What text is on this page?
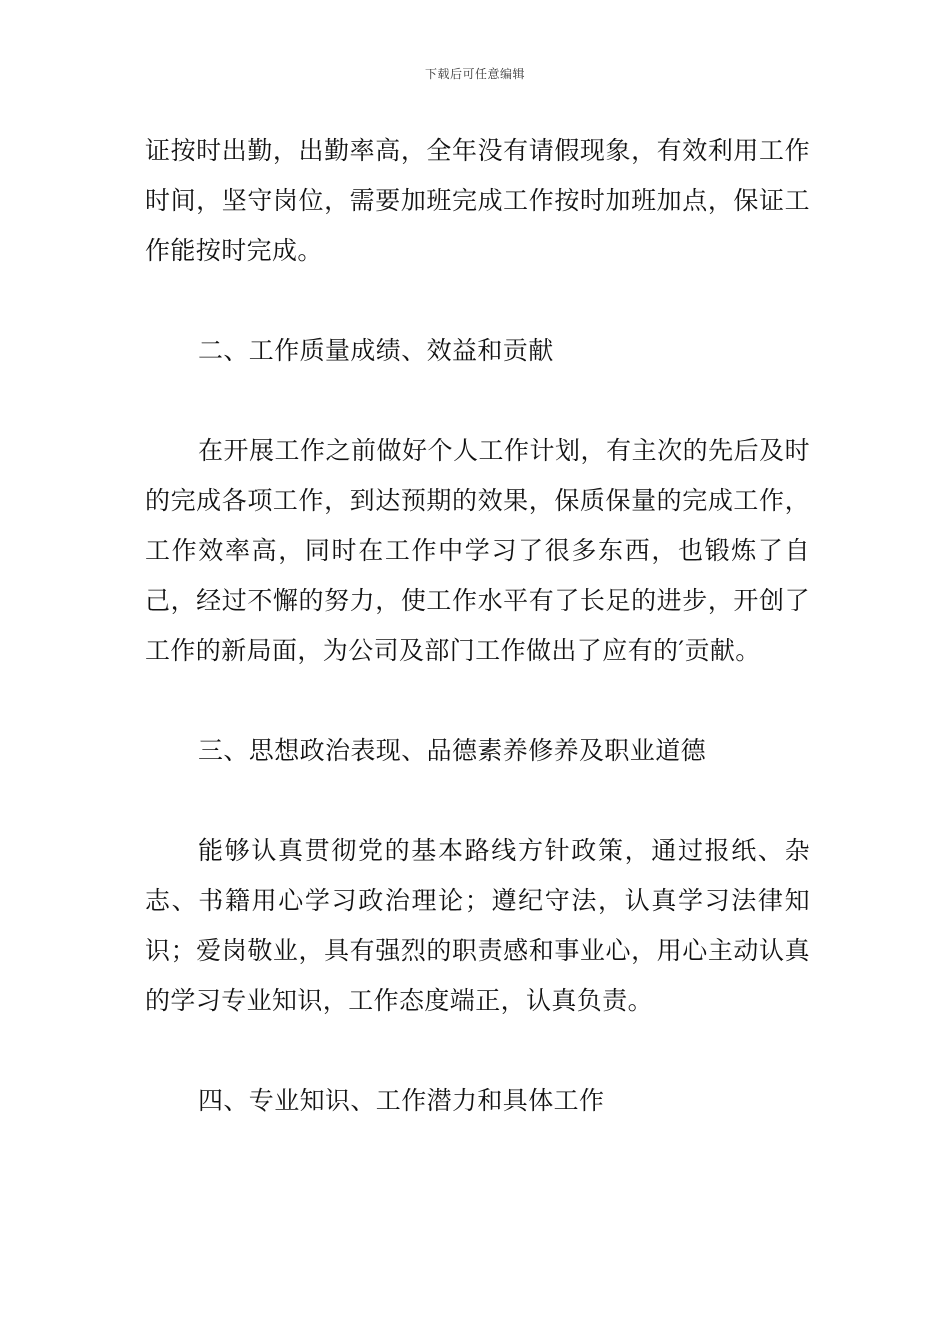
下载后可任意编辑

证按时出勤，出勤率高，全年没有请假现象，有效利用工作时间，坚守岗位，需要加班完成工作按时加班加点，保证工作能按时完成。

二、工作质量成绩、效益和贡献

在开展工作之前做好个人工作计划，有主次的先后及时的完成各项工作，到达预期的效果，保质保量的完成工作，工作效率高，同时在工作中学习了很多东西，也锻炼了自己，经过不懈的努力，使工作水平有了长足的进步，开创了工作的新局面，为公司及部门工作做出了应有的′贡献。

三、思想政治表现、品德素养修养及职业道德

能够认真贯彻党的基本路线方针政策，通过报纸、杂志、书籍用心学习政治理论；遵纪守法，认真学习法律知识；爱岗敬业，具有强烈的职责感和事业心，用心主动认真的学习专业知识，工作态度端正，认真负责。

四、专业知识、工作潜力和具体工作
